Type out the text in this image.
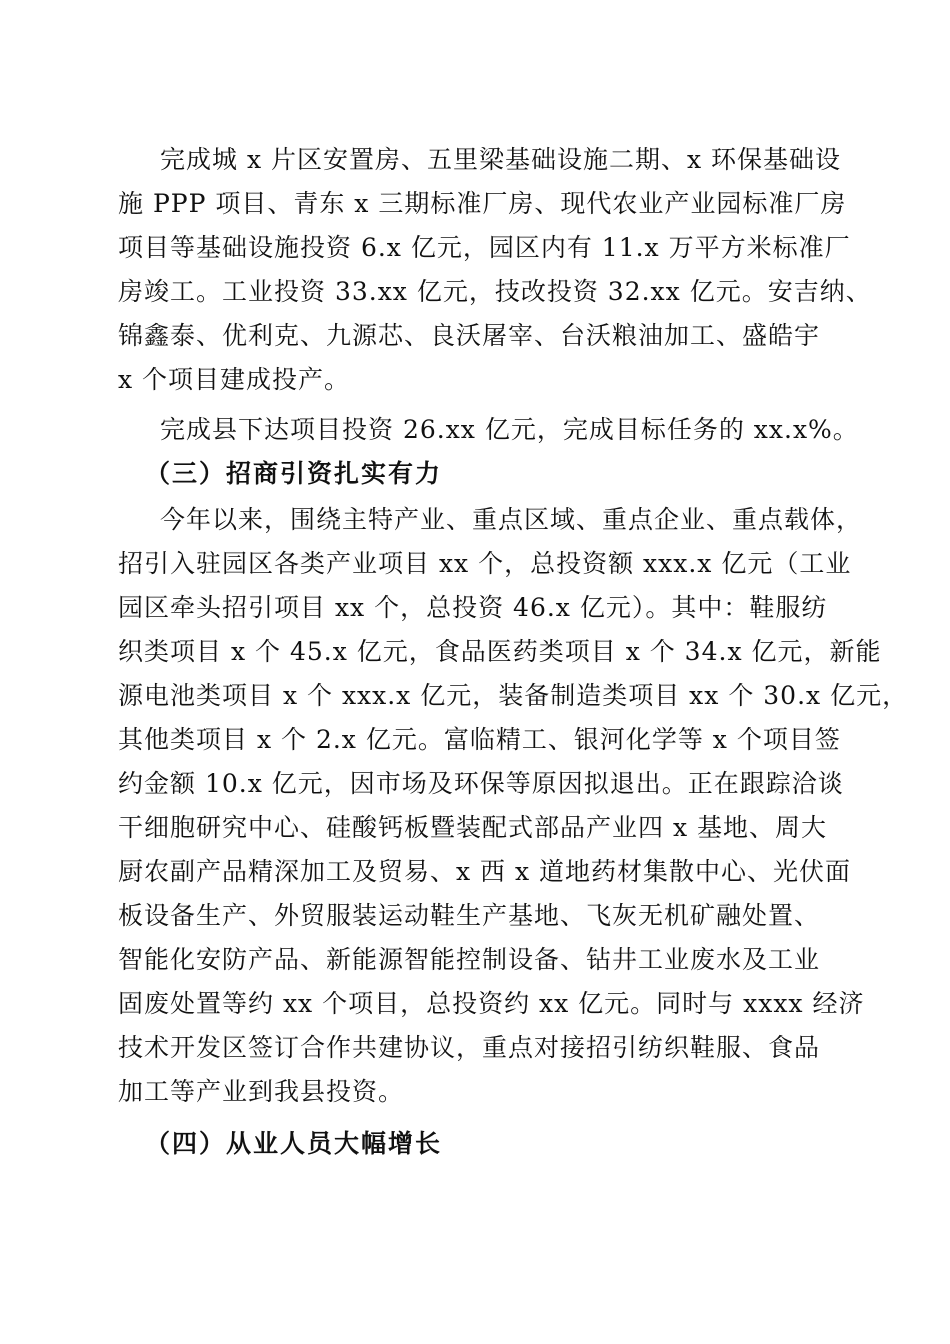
完成城 x 片区安置房、五里梁基础设施二期、x 环保基础设
施 PPP 项目、青东 x 三期标准厂房、现代农业产业园标准厂房
项目等基础设施投资 6.x 亿元，园区内有 11.x 万平方米标准厂
房竣工。工业投资 33.xx 亿元，技改投资 32.xx 亿元。安吉纳、
锦鑫泰、优利克、九源芯、良沃屠宰、台沃粮油加工、盛皓宇
x 个项目建成投产。
完成县下达项目投资 26.xx 亿元，完成目标任务的 xx.x%。
（三）招商引资扎实有力
今年以来，围绕主特产业、重点区域、重点企业、重点载体，
招引入驻园区各类产业项目 xx 个，总投资额 xxx.x 亿元（工业
园区牵头招引项目 xx 个，总投资 46.x 亿元）。其中：鞋服纺
织类项目 x 个 45.x 亿元，食品医药类项目 x 个 34.x 亿元，新能
源电池类项目 x 个 xxx.x 亿元，装备制造类项目 xx 个 30.x 亿元，
其他类项目 x 个 2.x 亿元。富临精工、银河化学等 x 个项目签
约金额 10.x 亿元，因市场及环保等原因拟退出。正在跟踪洽谈
干细胞研究中心、硅酸钙板暨装配式部品产业四 x 基地、周大
厨农副产品精深加工及贸易、x 西 x 道地药材集散中心、光伏面
板设备生产、外贸服装运动鞋生产基地、飞灰无机矿融处置、
智能化安防产品、新能源智能控制设备、钻井工业废水及工业
固废处置等约 xx 个项目，总投资约 xx 亿元。同时与 xxxx 经济
技术开发区签订合作共建协议，重点对接招引纺织鞋服、食品
加工等产业到我县投资。
（四）从业人员大幅增长
